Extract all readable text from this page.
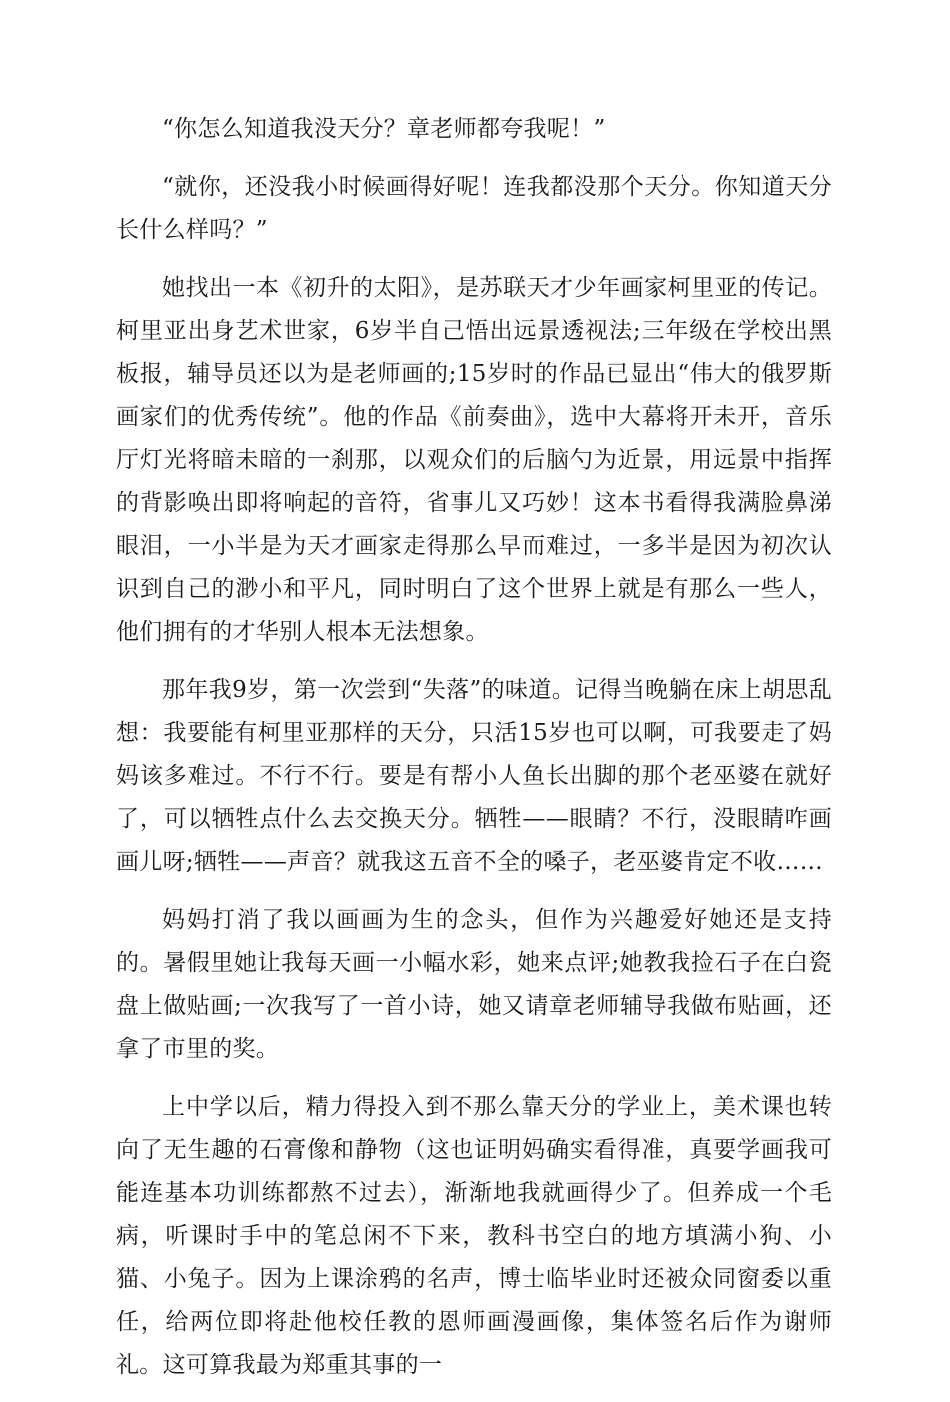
“你怎么知道我没天分？章老师都夸我呢！”

“就你，还没我小时候画得好呢！连我都没那个天分。你知道天分长什么样吗？”

她找出一本《初升的太阳》，是苏联天才少年画家柯里亚的传记。柯里亚出身艺术世家，6岁半自己悟出远景透视法;三年级在学校出黑板报，辅导员还以为是老师画的;15岁时的作品已显出“伟大的俄罗斯画家们的优秀传统”。他的作品《前奏曲》，选中大幕将开未开，音乐厅灯光将暗未暗的一刹那，以观众们的后脑勺为近景，用远景中指挥的背影唤出即将响起的音符，省事儿又巧妙！这本书看得我满脸鼻涕眼泪，一小半是为天才画家走得那么早而难过，一多半是因为初次认识到自己的渺小和平凡，同时明白了这个世界上就是有那么一些人，他们拥有的才华别人根本无法想象。

那年我9岁，第一次尝到“失落”的味道。记得当晚躺在床上胡思乱想：我要能有柯里亚那样的天分，只活15岁也可以啊，可我要走了妈妈该多难过。不行不行。要是有帮小人鱼长出脚的那个老巫婆在就好了，可以牺牲点什么去交换天分。牺牲——眼睛？不行，没眼睛咋画画儿呀;牺牲——声音？就我这五音不全的嗓子，老巫婆肯定不收……

妈妈打消了我以画画为生的念头，但作为兴趣爱好她还是支持的。暑假里她让我每天画一小幅水彩，她来点评;她教我捡石子在白瓷盘上做贴画;一次我写了一首小诗，她又请章老师辅导我做布贴画，还拿了市里的奖。

上中学以后，精力得投入到不那么靠天分的学业上，美术课也转向了无生趣的石膏像和静物（这也证明妈确实看得准，真要学画我可能连基本功训练都熬不过去），渐渐地我就画得少了。但养成一个毛病，听课时手中的笔总闲不下来，教科书空白的地方填满小狗、小猫、小兔子。因为上课涂鸦的名声，博士临毕业时还被众同窗委以重任，给两位即将赴他校任教的恩师画漫画像，集体签名后作为谢师礼。这可算我最为郑重其事的一
